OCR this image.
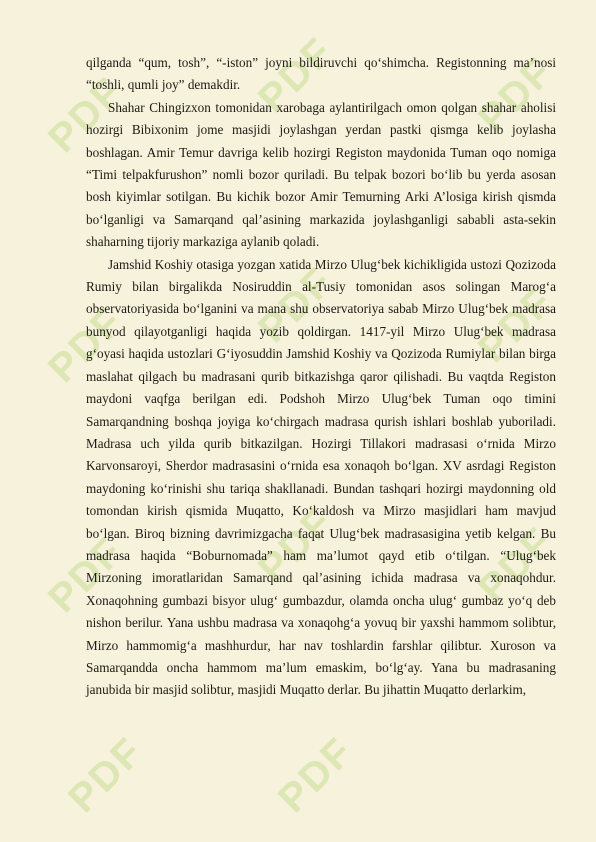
PDF	PDF	PDF
PDF	PDF	PDF
PDF	PDF	PDF
PDF	PDF

qilganda “qum, tosh”, “-iston” joyni bildiruvchi qo‘shimcha. Registonning ma’nosi “toshli, qumli joy” demakdir.

Shahar Chingizxon tomonidan xarobaga aylantirilgach omon qolgan shahar aholisi hozirgi Bibixonim jome masjidi joylashgan yerdan pastki qismga kelib joylasha boshlagan. Amir Temur davriga kelib hozirgi Registon maydonida Tuman oqo nomiga “Timi telpakfurushon” nomli bozor quriladi. Bu telpak bozori bo‘lib bu yerda asosan bosh kiyimlar sotilgan. Bu kichik bozor Amir Temurning Arki A’losiga kirish qismda bo‘lganligi va Samarqand qal’asining markazida joylashganligi sababli asta-sekin shaharning tijoriy markaziga aylanib qoladi.

Jamshid Koshiy otasiga yozgan xatida Mirzo Ulug‘bek kichikligida ustozi Qozizoda Rumiy bilan birgalikda Nosiruddin al-Tusiy tomonidan asos solingan Marog‘a observatoriyasida bo‘lganini va mana shu observatoriya sabab Mirzo Ulug‘bek madrasa bunyod qilayotganligi haqida yozib qoldirgan. 1417-yil Mirzo Ulug‘bek madrasa g‘oyasi haqida ustozlari G‘iyosuddin Jamshid Koshiy va Qozizoda Rumiylar bilan birga maslahat qilgach bu madrasani qurib bitkazishga qaror qilishadi. Bu vaqtda Registon maydoni vaqfga berilgan edi. Podshoh Mirzo Ulug‘bek Tuman oqo timini Samarqandning boshqa joyiga ko‘chirgach madrasa qurish ishlari boshlab yuboriladi. Madrasa uch yilda qurib bitkazilgan. Hozirgi Tillakori madrasasi o‘rnida Mirzo Karvonsaroyi, Sherdor madrasasini o‘rnida esa xonaqoh bo‘lgan. XV asrdagi Registon maydoning ko‘rinishi shu tariqa shakllanadi. Bundan tashqari hozirgi maydonning old tomondan kirish qismida Muqatto, Ko‘kaldosh va Mirzo masjidlari ham mavjud bo‘lgan. Biroq bizning davrimizgacha faqat Ulug‘bek madrasasigina yetib kelgan. Bu madrasa haqida “Boburnomada” ham ma’lumot qayd etib o‘tilgan. “Ulug‘bek Mirzoning imoratlaridan Samarqand qal’asining ichida madrasa va xonaqohdur. Xonaqohning gumbazi bisyor ulug‘ gumbazdur, olamda oncha ulug‘ gumbaz yo‘q deb nishon berilur. Yana ushbu madrasa va xonaqohg‘a yovuq bir yaxshi hammom solibtur, Mirzo hammomig‘a mashhurdur, har nav toshlardin farshlar qilibtur. Xuroson va Samarqandda oncha hammom ma’lum emaskim, bo‘lg‘ay. Yana bu madrasaning janubida bir masjid solibtur, masjidi Muqatto derlar. Bu jihattin Muqatto derlarkim,
